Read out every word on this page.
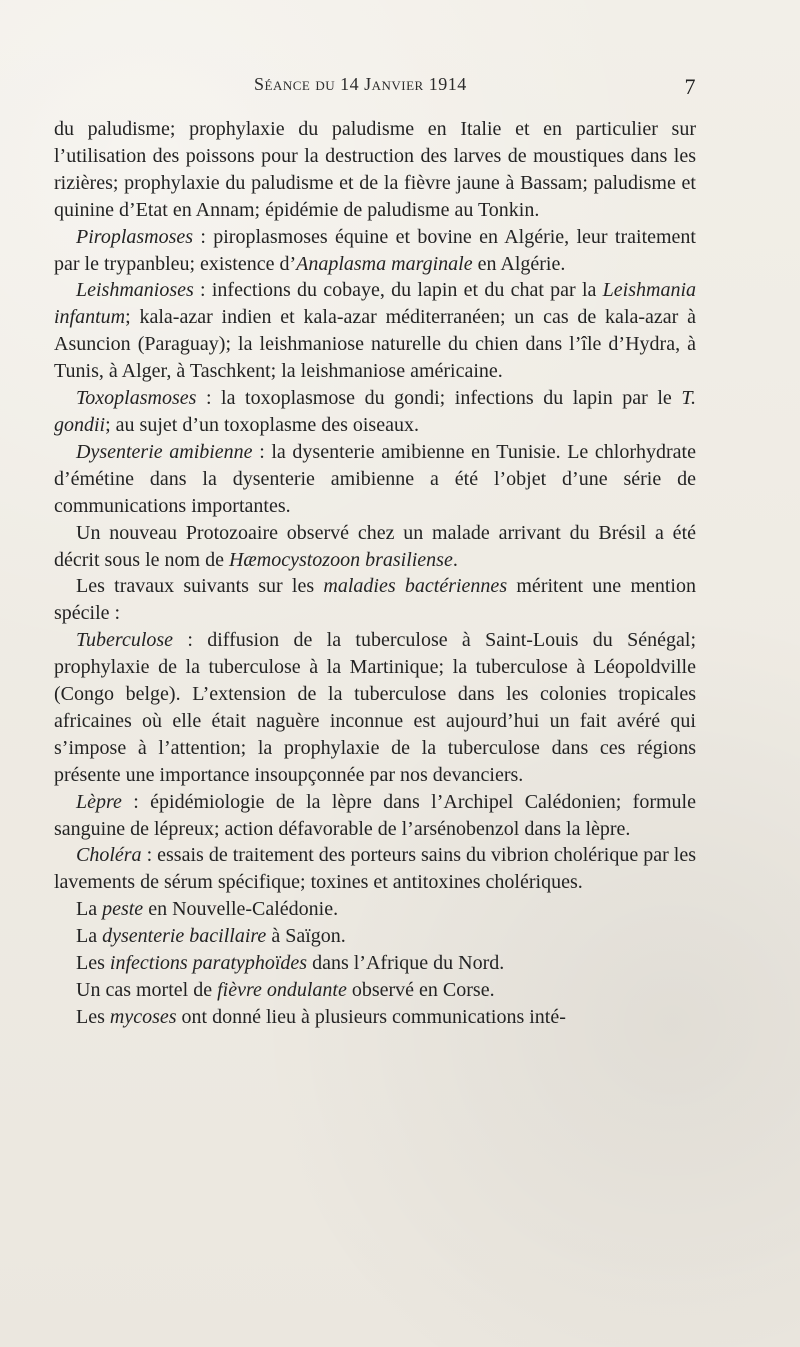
Séance du 14 Janvier 1914	7

du paludisme; prophylaxie du paludisme en Italie et en particulier sur l’utilisation des poissons pour la destruction des larves de moustiques dans les rizières; prophylaxie du paludisme et de la fièvre jaune à Bassam; paludisme et quinine d’Etat en Annam; épidémie de paludisme au Tonkin.

Piroplasmoses : piroplasmoses équine et bovine en Algérie, leur traitement par le trypanbleu; existence d’Anaplasma marginale en Algérie.

Leishmanioses : infections du cobaye, du lapin et du chat par la Leishmania infantum; kala-azar indien et kala-azar méditerranéen; un cas de kala-azar à Asuncion (Paraguay); la leishmaniose naturelle du chien dans l’île d’Hydra, à Tunis, à Alger, à Taschkent; la leishmaniose américaine.

Toxoplasmoses : la toxoplasmose du gondi; infections du lapin par le T. gondii; au sujet d’un toxoplasme des oiseaux.

Dysenterie amibienne : la dysenterie amibienne en Tunisie. Le chlorhydrate d’émétine dans la dysenterie amibienne a été l’objet d’une série de communications importantes.

Un nouveau Protozoaire observé chez un malade arrivant du Brésil a été décrit sous le nom de Hæmocystozoon brasiliense.

Les travaux suivants sur les maladies bactériennes méritent une mention spécile :

Tuberculose : diffusion de la tuberculose à Saint-Louis du Sénégal; prophylaxie de la tuberculose à la Martinique; la tuberculose à Léopoldville (Congo belge). L’extension de la tuberculose dans les colonies tropicales africaines où elle était naguère inconnue est aujourd’hui un fait avéré qui s’impose à l’attention; la prophylaxie de la tuberculose dans ces régions présente une importance insoupçonnée par nos devanciers.

Lèpre : épidémiologie de la lèpre dans l’Archipel Calédonien; formule sanguine de lépreux; action défavorable de l’arsénobenzol dans la lèpre.

Choléra : essais de traitement des porteurs sains du vibrion cholérique par les lavements de sérum spécifique; toxines et antitoxines cholériques.

La peste en Nouvelle-Calédonie.

La dysenterie bacillaire à Saïgon.

Les infections paratyphoïdes dans l’Afrique du Nord.

Un cas mortel de fièvre ondulante observé en Corse.

Les mycoses ont donné lieu à plusieurs communications inté-
